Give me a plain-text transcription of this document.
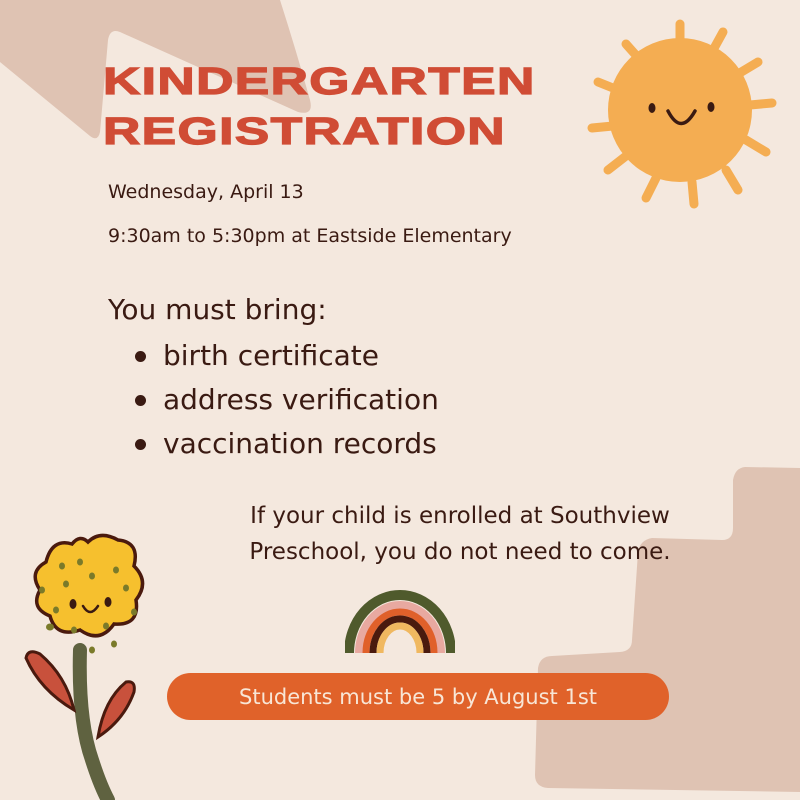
KINDERGARTEN
REGISTRATION
Wednesday, April 13
9:30am to 5:30pm at Eastside Elementary
You must bring:
birth certificate
address verification
vaccination records
If your child is enrolled at Southview Preschool, you do not need to come.
Students must be 5 by August 1st
